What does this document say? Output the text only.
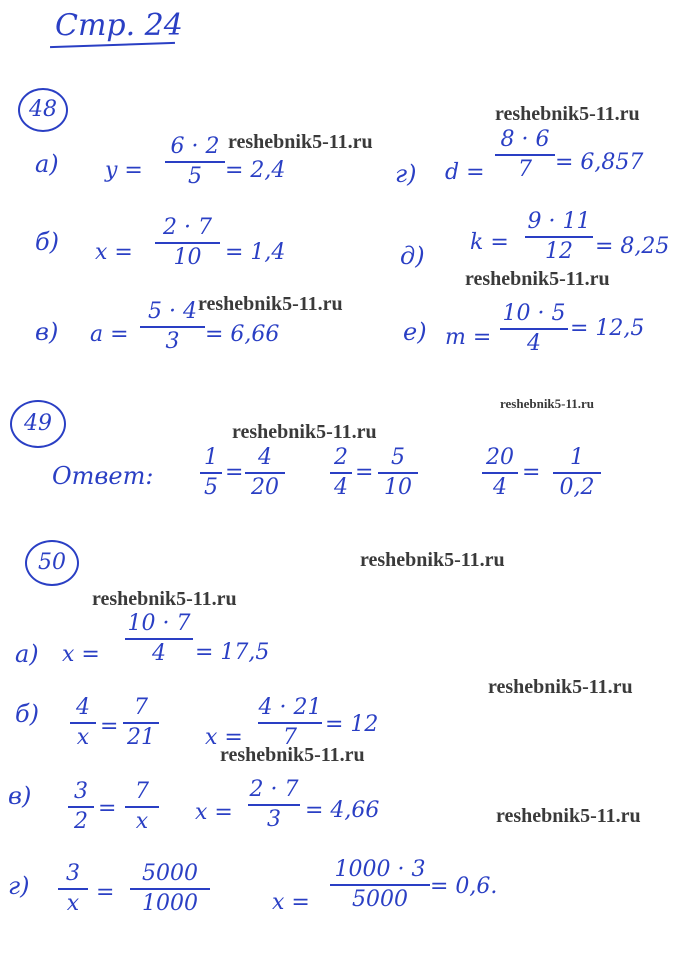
Стр. 24
48
а) y =
6 · 2
5	= 2,4
б) x =
2 · 7
10	= 1,4
в) a =
5 · 4
3	= 6,66
г) d =
8 · 6
7	= 6,857
д) k =
9 · 11
12	= 8,25
е) m =
10 · 5
4
= 12,5
49
Ответ:
1
5
=
4
20
2
4
=
5
10
20
4
=
1
0,2
50
а) x =
10 · 7
4	= 17,5
б) 4
x =
7
21 x =
4 · 21
7
= 12
в) 3
2
=
7
x	x =
2 · 7
3	= 4,66
г)	3
x =
5000
1000	x =
1000 · 3
5000
= 0,6.
reshebnik5-11.ru
reshebnik5-11.ru
reshebnik5-11.ru
reshebnik5-11.ru
reshebnik5-11.ru
reshebnik5-11.ru
reshebnik5-11.ru
reshebnik5-11.ru
reshebnik5-11.ru
reshebnik5-11.ru
reshebnik5-11.ru
